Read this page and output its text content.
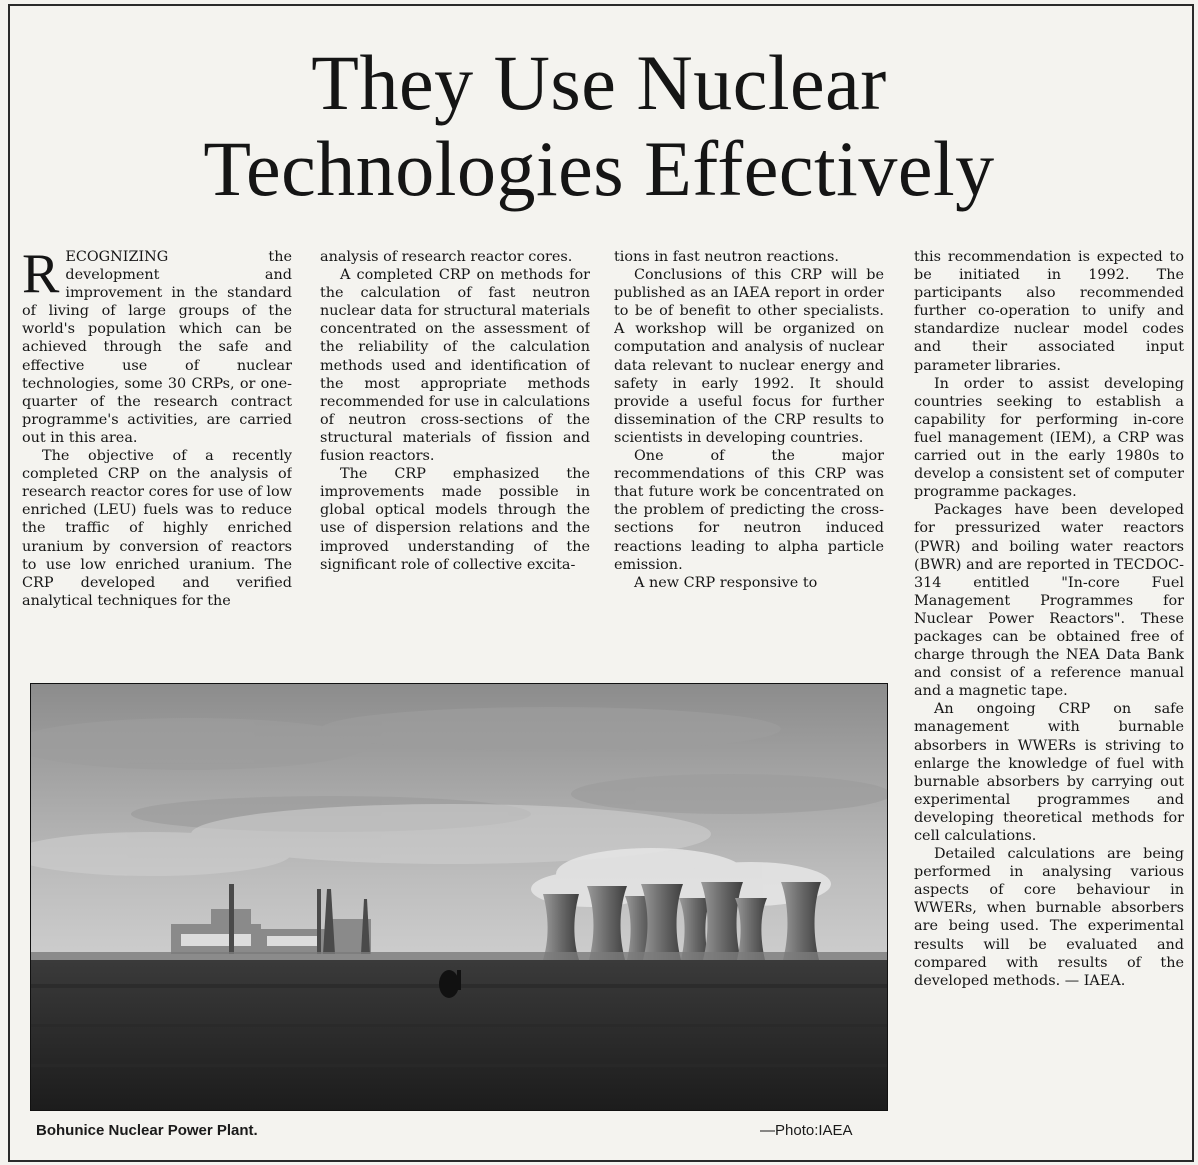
They Use Nuclear
Technologies Effectively

RECOGNIZING the development and improvement in the standard of living of large groups of the world's population which can be achieved through the safe and effective use of nuclear technologies, some 30 CRPs, or one-quarter of the research contract programme's activities, are carried out in this area.

The objective of a recently completed CRP on the analysis of research reactor cores for use of low enriched (LEU) fuels was to reduce the traffic of highly enriched uranium by conversion of reactors to use low enriched uranium. The CRP developed and verified analytical techniques for the

analysis of research reactor cores.

A completed CRP on methods for the calculation of fast neutron nuclear data for structural materials concentrated on the assessment of the reliability of the calculation methods used and identification of the most appropriate methods recommended for use in calculations of neutron cross-sections of the structural materials of fission and fusion reactors.

The CRP emphasized the improvements made possible in global optical models through the use of dispersion relations and the improved understanding of the significant role of collective excita-

tions in fast neutron reactions.

Conclusions of this CRP will be published as an IAEA report in order to be of benefit to other specialists. A workshop will be organized on computation and analysis of nuclear data relevant to nuclear energy and safety in early 1992. It should provide a useful focus for further dissemination of the CRP results to scientists in developing countries.

One of the major recommendations of this CRP was that future work be concentrated on the problem of predicting the cross-sections for neutron induced reactions leading to alpha particle emission.

A new CRP responsive to

this recommendation is expected to be initiated in 1992. The participants also recommended further co-operation to unify and standardize nuclear model codes and their associated input parameter libraries.

In order to assist developing countries seeking to establish a capability for performing in-core fuel management (IEM), a CRP was carried out in the early 1980s to develop a consistent set of computer programme packages.

Packages have been developed for pressurized water reactors (PWR) and boiling water reactors (BWR) and are reported in TECDOC-314 entitled "In-core Fuel Management Programmes for Nuclear Power Reactors". These packages can be obtained free of charge through the NEA Data Bank and consist of a reference manual and a magnetic tape.

An ongoing CRP on safe management with burnable absorbers in WWERs is striving to enlarge the knowledge of fuel with burnable absorbers by carrying out experimental programmes and developing theoretical methods for cell calculations.

Detailed calculations are being performed in analysing various aspects of core behaviour in WWERs, when burnable absorbers are being used. The experimental results will be evaluated and compared with results of the developed methods. — IAEA.

Bohunice Nuclear Power Plant.	—Photo:IAEA
